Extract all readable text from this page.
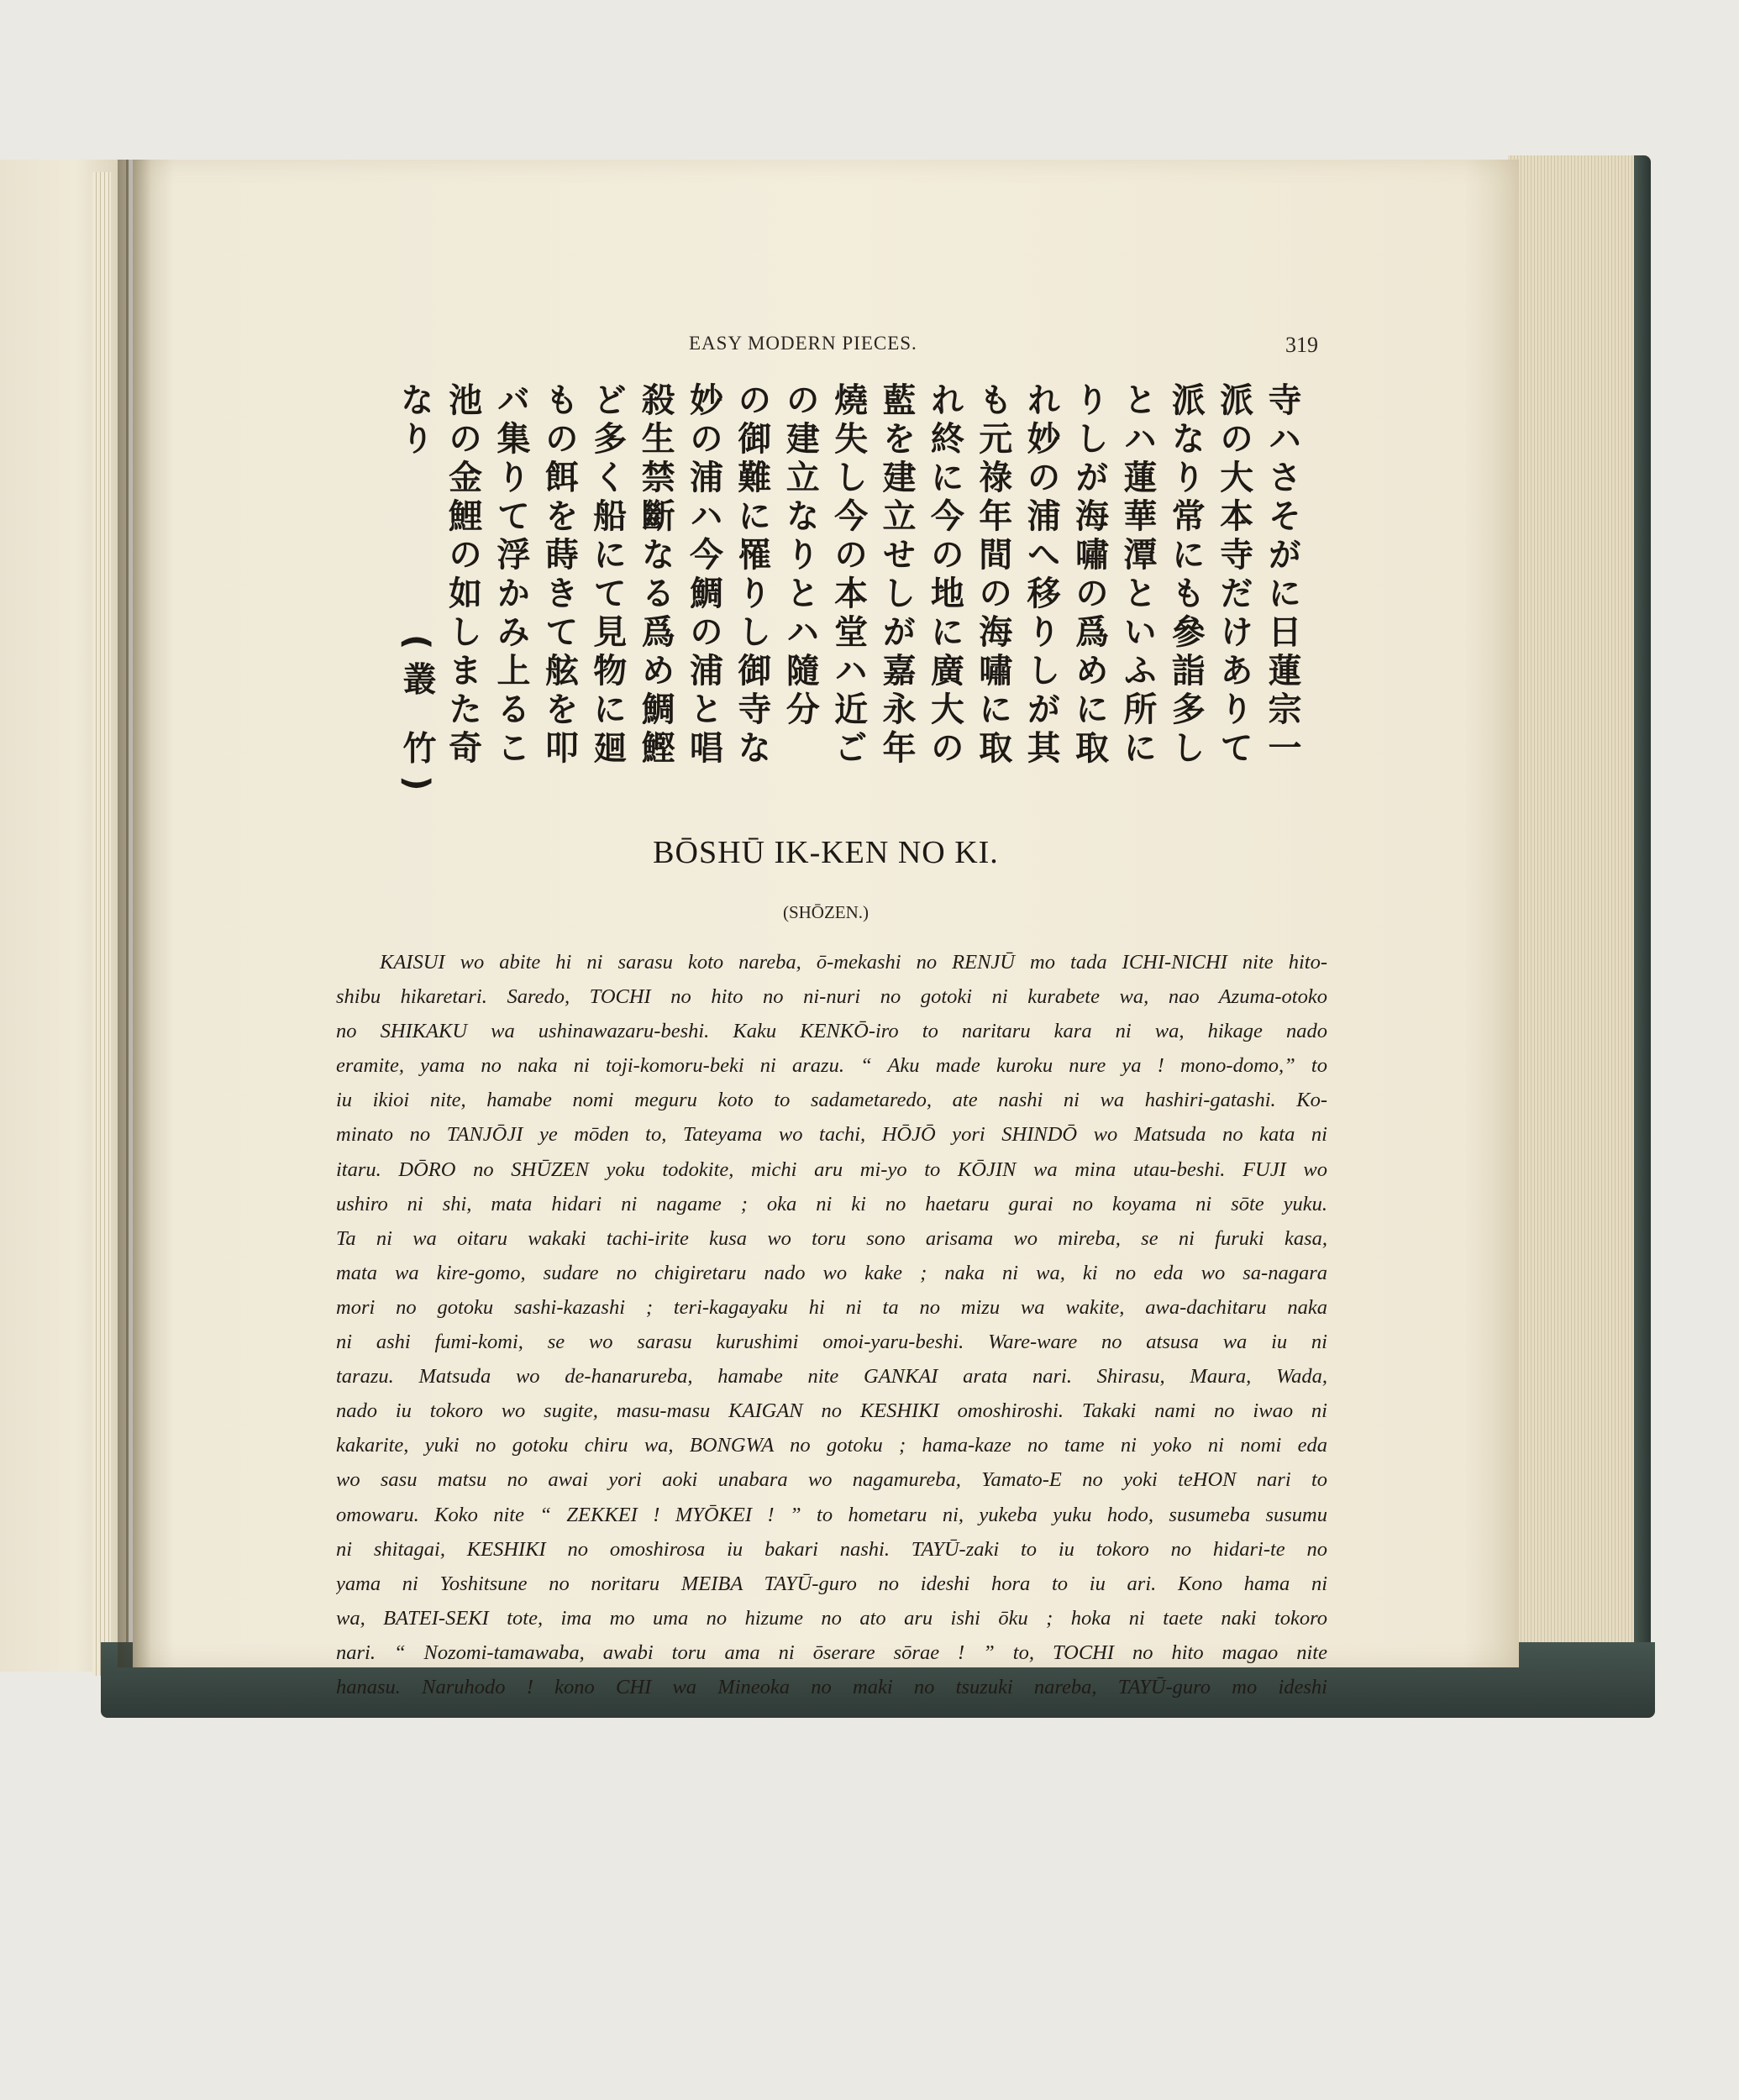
EASY MODERN PIECES.	319
寺ハさそがに日蓮宗一
派の大本寺だけありて
派なり常にも參詣多し
とハ蓮華潭といふ所に
りしが海嘯の爲めに取
れ妙の浦へ移りしが其
も元祿年間の海嘯に取
れ終に今の地に廣大の
藍を建立せしが嘉永年
燒失し今の本堂ハ近ご
の建立なりとハ隨分
の御難に罹りし御寺な
妙の浦ハ今鯛の浦と唱
殺生禁斷なる爲め鯛鰹
ど多く船にて見物に廻
もの餌を蒔きて舷を叩
バ集りて浮かみ上るこ
池の金鯉の如しまた奇
なり
(叢 竹)
BŌSHŪ IK-KEN NO KI.
(SHŌZEN.)
KAISUI wo abite hi ni sarasu koto nareba, ō-mekashi no RENJŪ mo tada ICHI-NICHI nite hito-
shibu hikaretari. Saredo, TOCHI no hito no ni-nuri no gotoki ni kurabete wa, nao Azuma-otoko
no SHIKAKU wa ushinawazaru-beshi. Kaku KENKŌ-iro to naritaru kara ni wa, hikage nado
eramite, yama no naka ni toji-komoru-beki ni arazu. “ Aku made kuroku nure ya ! mono-domo,” to
iu ikioi nite, hamabe nomi meguru koto to sadametaredo, ate nashi ni wa hashiri-gatashi. Ko-
minato no TANJŌJI ye mōden to, Tateyama wo tachi, HŌJŌ yori SHINDŌ wo Matsuda no kata ni
itaru. DŌRO no SHŪZEN yoku todokite, michi aru mi-yo to KŌJIN wa mina utau-beshi. FUJI wo
ushiro ni shi, mata hidari ni nagame ; oka ni ki no haetaru gurai no koyama ni sōte yuku.
Ta ni wa oitaru wakaki tachi-irite kusa wo toru sono arisama wo mireba, se ni furuki kasa,
mata wa kire-gomo, sudare no chigiretaru nado wo kake ; naka ni wa, ki no eda wo sa-nagara
mori no gotoku sashi-kazashi ; teri-kagayaku hi ni ta no mizu wa wakite, awa-dachitaru naka
ni ashi fumi-komi, se wo sarasu kurushimi omoi-yaru-beshi. Ware-ware no atsusa wa iu ni
tarazu. Matsuda wo de-hanarureba, hamabe nite GANKAI arata nari. Shirasu, Maura, Wada,
nado iu tokoro wo sugite, masu-masu KAIGAN no KESHIKI omoshiroshi. Takaki nami no iwao ni
kakarite, yuki no gotoku chiru wa, BONGWA no gotoku ; hama-kaze no tame ni yoko ni nomi eda
wo sasu matsu no awai yori aoki unabara wo nagamureba, Yamato-E no yoki teHON nari to
omowaru. Koko nite “ ZEKKEI ! MYŌKEI ! ” to hometaru ni, yukeba yuku hodo, susumeba susumu
ni shitagai, KESHIKI no omoshirosa iu bakari nashi. TAYŪ-zaki to iu tokoro no hidari-te no
yama ni Yoshitsune no noritaru MEIBA TAYŪ-guro no ideshi hora to iu ari. Kono hama ni
wa, BATEI-SEKI tote, ima mo uma no hizume no ato aru ishi ōku ; hoka ni taete naki tokoro
nari. “ Nozomi-tamawaba, awabi toru ama ni ōserare sōrae ! ” to, TOCHI no hito magao nite
hanasu. Naruhodo ! kono CHI wa Mineoka no maki no tsuzuki nareba, TAYŪ-guro mo ideshi
